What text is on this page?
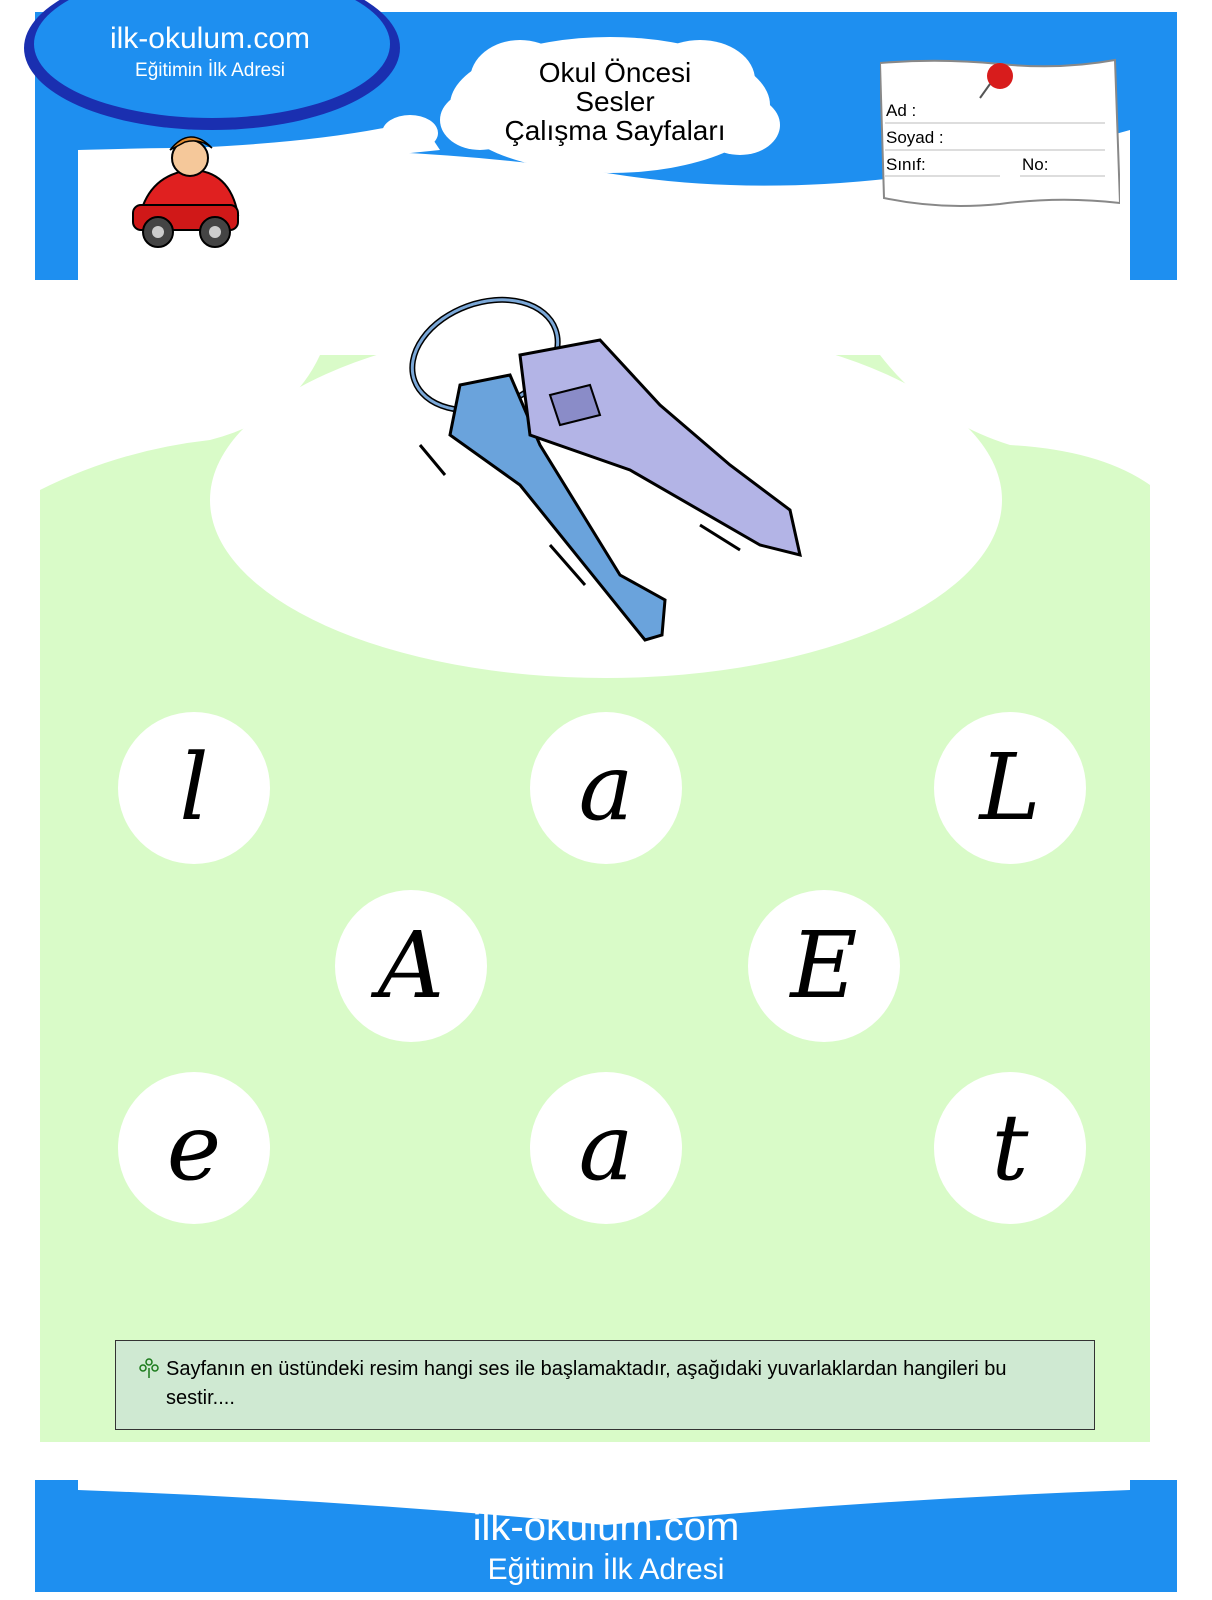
ilk-okulum.com
Eğitimin İlk Adresi	Okul Öncesi
Sesler
Çalışma Sayfaları
Ad :
Soyad :
Sınıf:	No:
l	a	L
A	E
e	a	t
Sayfanın en üstündeki resim hangi ses ile başlamaktadır, aşağıdaki yuvarlaklardan hangileri bu sestir....
ilk-okulum.com
Eğitimin İlk Adresi
